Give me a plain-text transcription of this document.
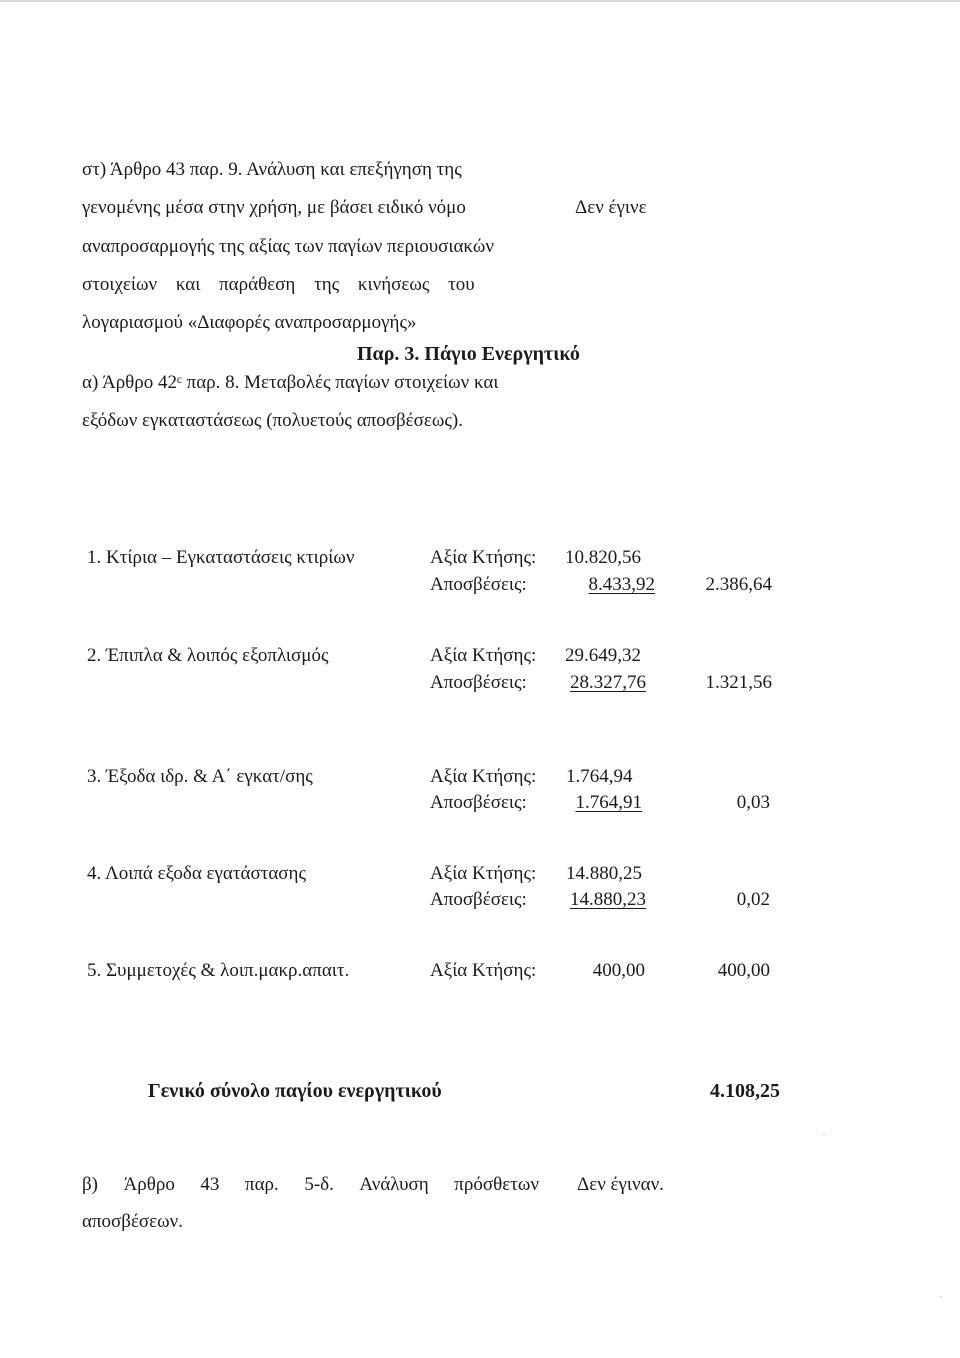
στ) Άρθρο 43 παρ. 9. Ανάλυση και επεξήγηση της
γενομένης μέσα στην χρήση, με βάσει ειδικό νόμο
αναπροσαρμογής της αξίας των παγίων περιουσιακών
στοιχείων και παράθεση της κινήσεως του
λογαριασμού «Διαφορές αναπροσαρμογής»
Δεν έγινε
Παρ. 3. Πάγιο Ενεργητικό
α) Άρθρο 42ᶜ παρ. 8. Μεταβολές παγίων στοιχείων και
εξόδων εγκαταστάσεως (πολυετούς αποσβέσεως).
1. Κτίρια – Εγκαταστάσεις κτιρίων	Αξία Κτήσης: 10.820,56
Αποσβέσεις:	8.433,92	2.386,64
2. Έπιπλα & λοιπός εξοπλισμός	Αξία Κτήσης: 29.649,32
Αποσβέσεις:	28.327,76	1.321,56
3. Έξοδα ιδρ. & Α΄ εγκατ/σης	Αξία Κτήσης: 1.764,94
Αποσβέσεις:	1.764,91	0,03
4. Λοιπά εξοδα εγατάστασης	Αξία Κτήσης: 14.880,25
Αποσβέσεις:	14.880,23	0,02
5. Συμμετοχές & λοιπ.μακρ.απαιτ.	Αξία Κτήσης:	400,00	400,00
Γενικό σύνολο παγίου ενεργητικού	4.108,25
β) Άρθρο 43 παρ. 5-δ. Ανάλυση πρόσθετων Δεν έγιναν.
αποσβέσεων.
.
.
